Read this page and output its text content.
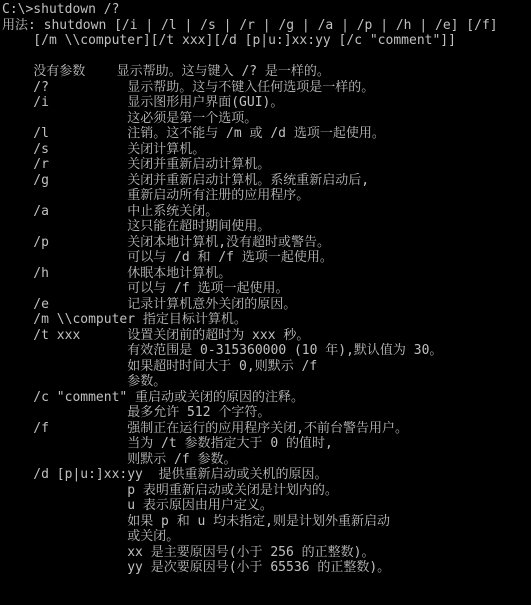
C:\>shutdown /?
用法: shutdown [/i | /l | /s | /r | /g | /a | /p | /h | /e] [/f]
[/m \\computer][/t xxx][/d [p|u:]xx:yy [/c "comment"]]
没有参数    显示帮助。这与键入 /? 是一样的。
/?          显示帮助。这与不键入任何选项是一样的。
/i          显示图形用户界面(GUI)。
这必须是第一个选项。
/l          注销。这不能与 /m 或 /d 选项一起使用。
/s          关闭计算机。
/r          关闭并重新启动计算机。
/g          关闭并重新启动计算机。系统重新启动后,
重新启动所有注册的应用程序。
/a          中止系统关闭。
这只能在超时期间使用。
/p          关闭本地计算机,没有超时或警告。
可以与 /d 和 /f 选项一起使用。
/h          休眠本地计算机。
可以与 /f 选项一起使用。
/e          记录计算机意外关闭的原因。
/m \\computer 指定目标计算机。
/t xxx      设置关闭前的超时为 xxx 秒。
有效范围是 0-315360000 (10 年),默认值为 30。
如果超时时间大于 0,则默示 /f
参数。
/c "comment" 重启动或关闭的原因的注释。
最多允许 512 个字符。
/f          强制正在运行的应用程序关闭,不前台警告用户。
当为 /t 参数指定大于 0 的值时,
则默示 /f 参数。
/d [p|u:]xx:yy  提供重新启动或关机的原因。
p 表明重新启动或关闭是计划内的。
u 表示原因由用户定义。
如果 p 和 u 均未指定,则是计划外重新启动
或关闭。
xx 是主要原因号(小于 256 的正整数)。
yy 是次要原因号(小于 65536 的正整数)。
